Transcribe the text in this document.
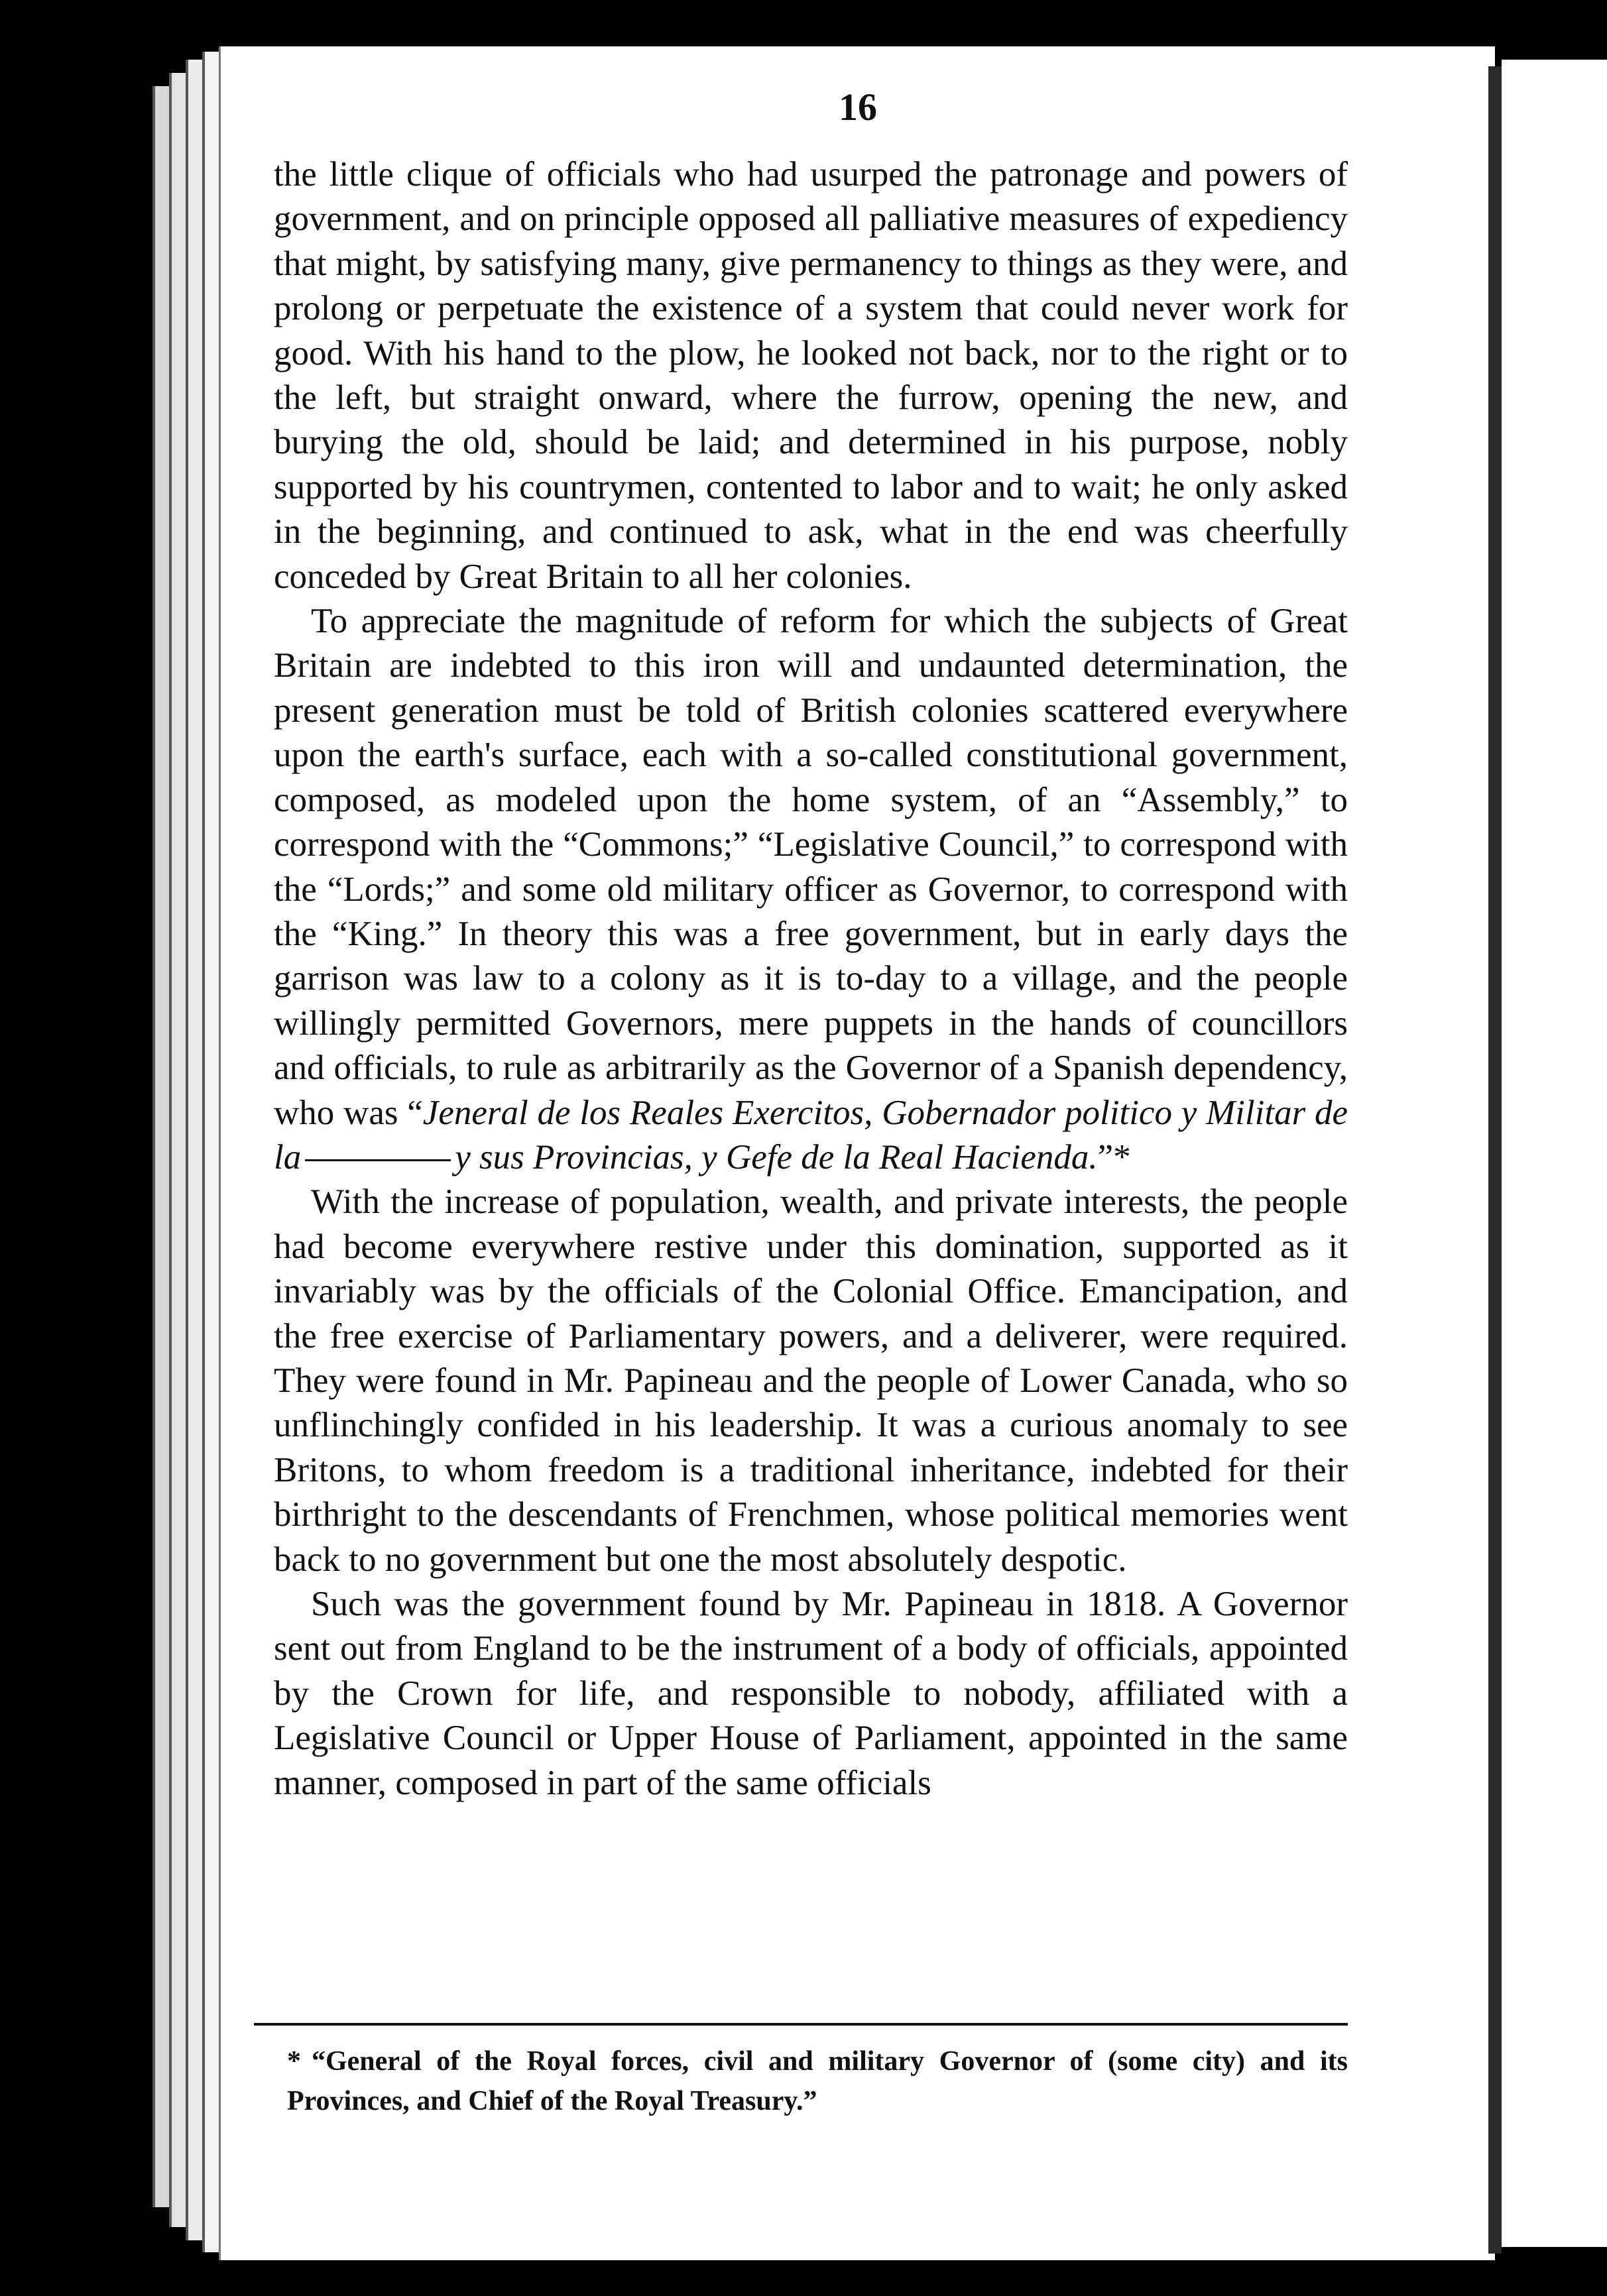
16

the little clique of officials who had usurped the patronage and powers of government, and on principle opposed all palliative measures of expediency that might, by satisfying many, give permanency to things as they were, and prolong or perpetuate the existence of a system that could never work for good. With his hand to the plow, he looked not back, nor to the right or to the left, but straight onward, where the furrow, opening the new, and burying the old, should be laid; and determined in his purpose, nobly supported by his countrymen, contented to labor and to wait; he only asked in the beginning, and continued to ask, what in the end was cheerfully conceded by Great Britain to all her colonies.

To appreciate the magnitude of reform for which the subjects of Great Britain are indebted to this iron will and undaunted determination, the present generation must be told of British colonies scattered everywhere upon the earth's surface, each with a so-called constitutional government, composed, as modeled upon the home system, of an “Assembly,” to correspond with the “Commons;” “Legislative Council,” to correspond with the “Lords;” and some old military officer as Governor, to correspond with the “King.” In theory this was a free government, but in early days the garrison was law to a colony as it is to-day to a village, and the people willingly permitted Governors, mere puppets in the hands of councillors and officials, to rule as arbitrarily as the Governor of a Spanish dependency, who was “Jeneral de los Reales Exercitos, Gobernador politico y Militar de la	y sus Provincias, y Gefe de la Real Hacienda.”*

With the increase of population, wealth, and private interests, the people had become everywhere restive under this domination, supported as it invariably was by the officials of the Colonial Office. Emancipation, and the free exercise of Parliamentary powers, and a deliverer, were required. They were found in Mr. Papineau and the people of Lower Canada, who so unflinchingly confided in his leadership. It was a curious anomaly to see Britons, to whom freedom is a traditional inheritance, indebted for their birthright to the descendants of Frenchmen, whose political memories went back to no government but one the most absolutely despotic.

Such was the government found by Mr. Papineau in 1818. A Governor sent out from England to be the instrument of a body of officials, appointed by the Crown for life, and responsible to nobody, affiliated with a Legislative Council or Upper House of Parliament, appointed in the same manner, composed in part of the same officials

* “General of the Royal forces, civil and military Governor of (some city) and its Provinces, and Chief of the Royal Treasury.”
